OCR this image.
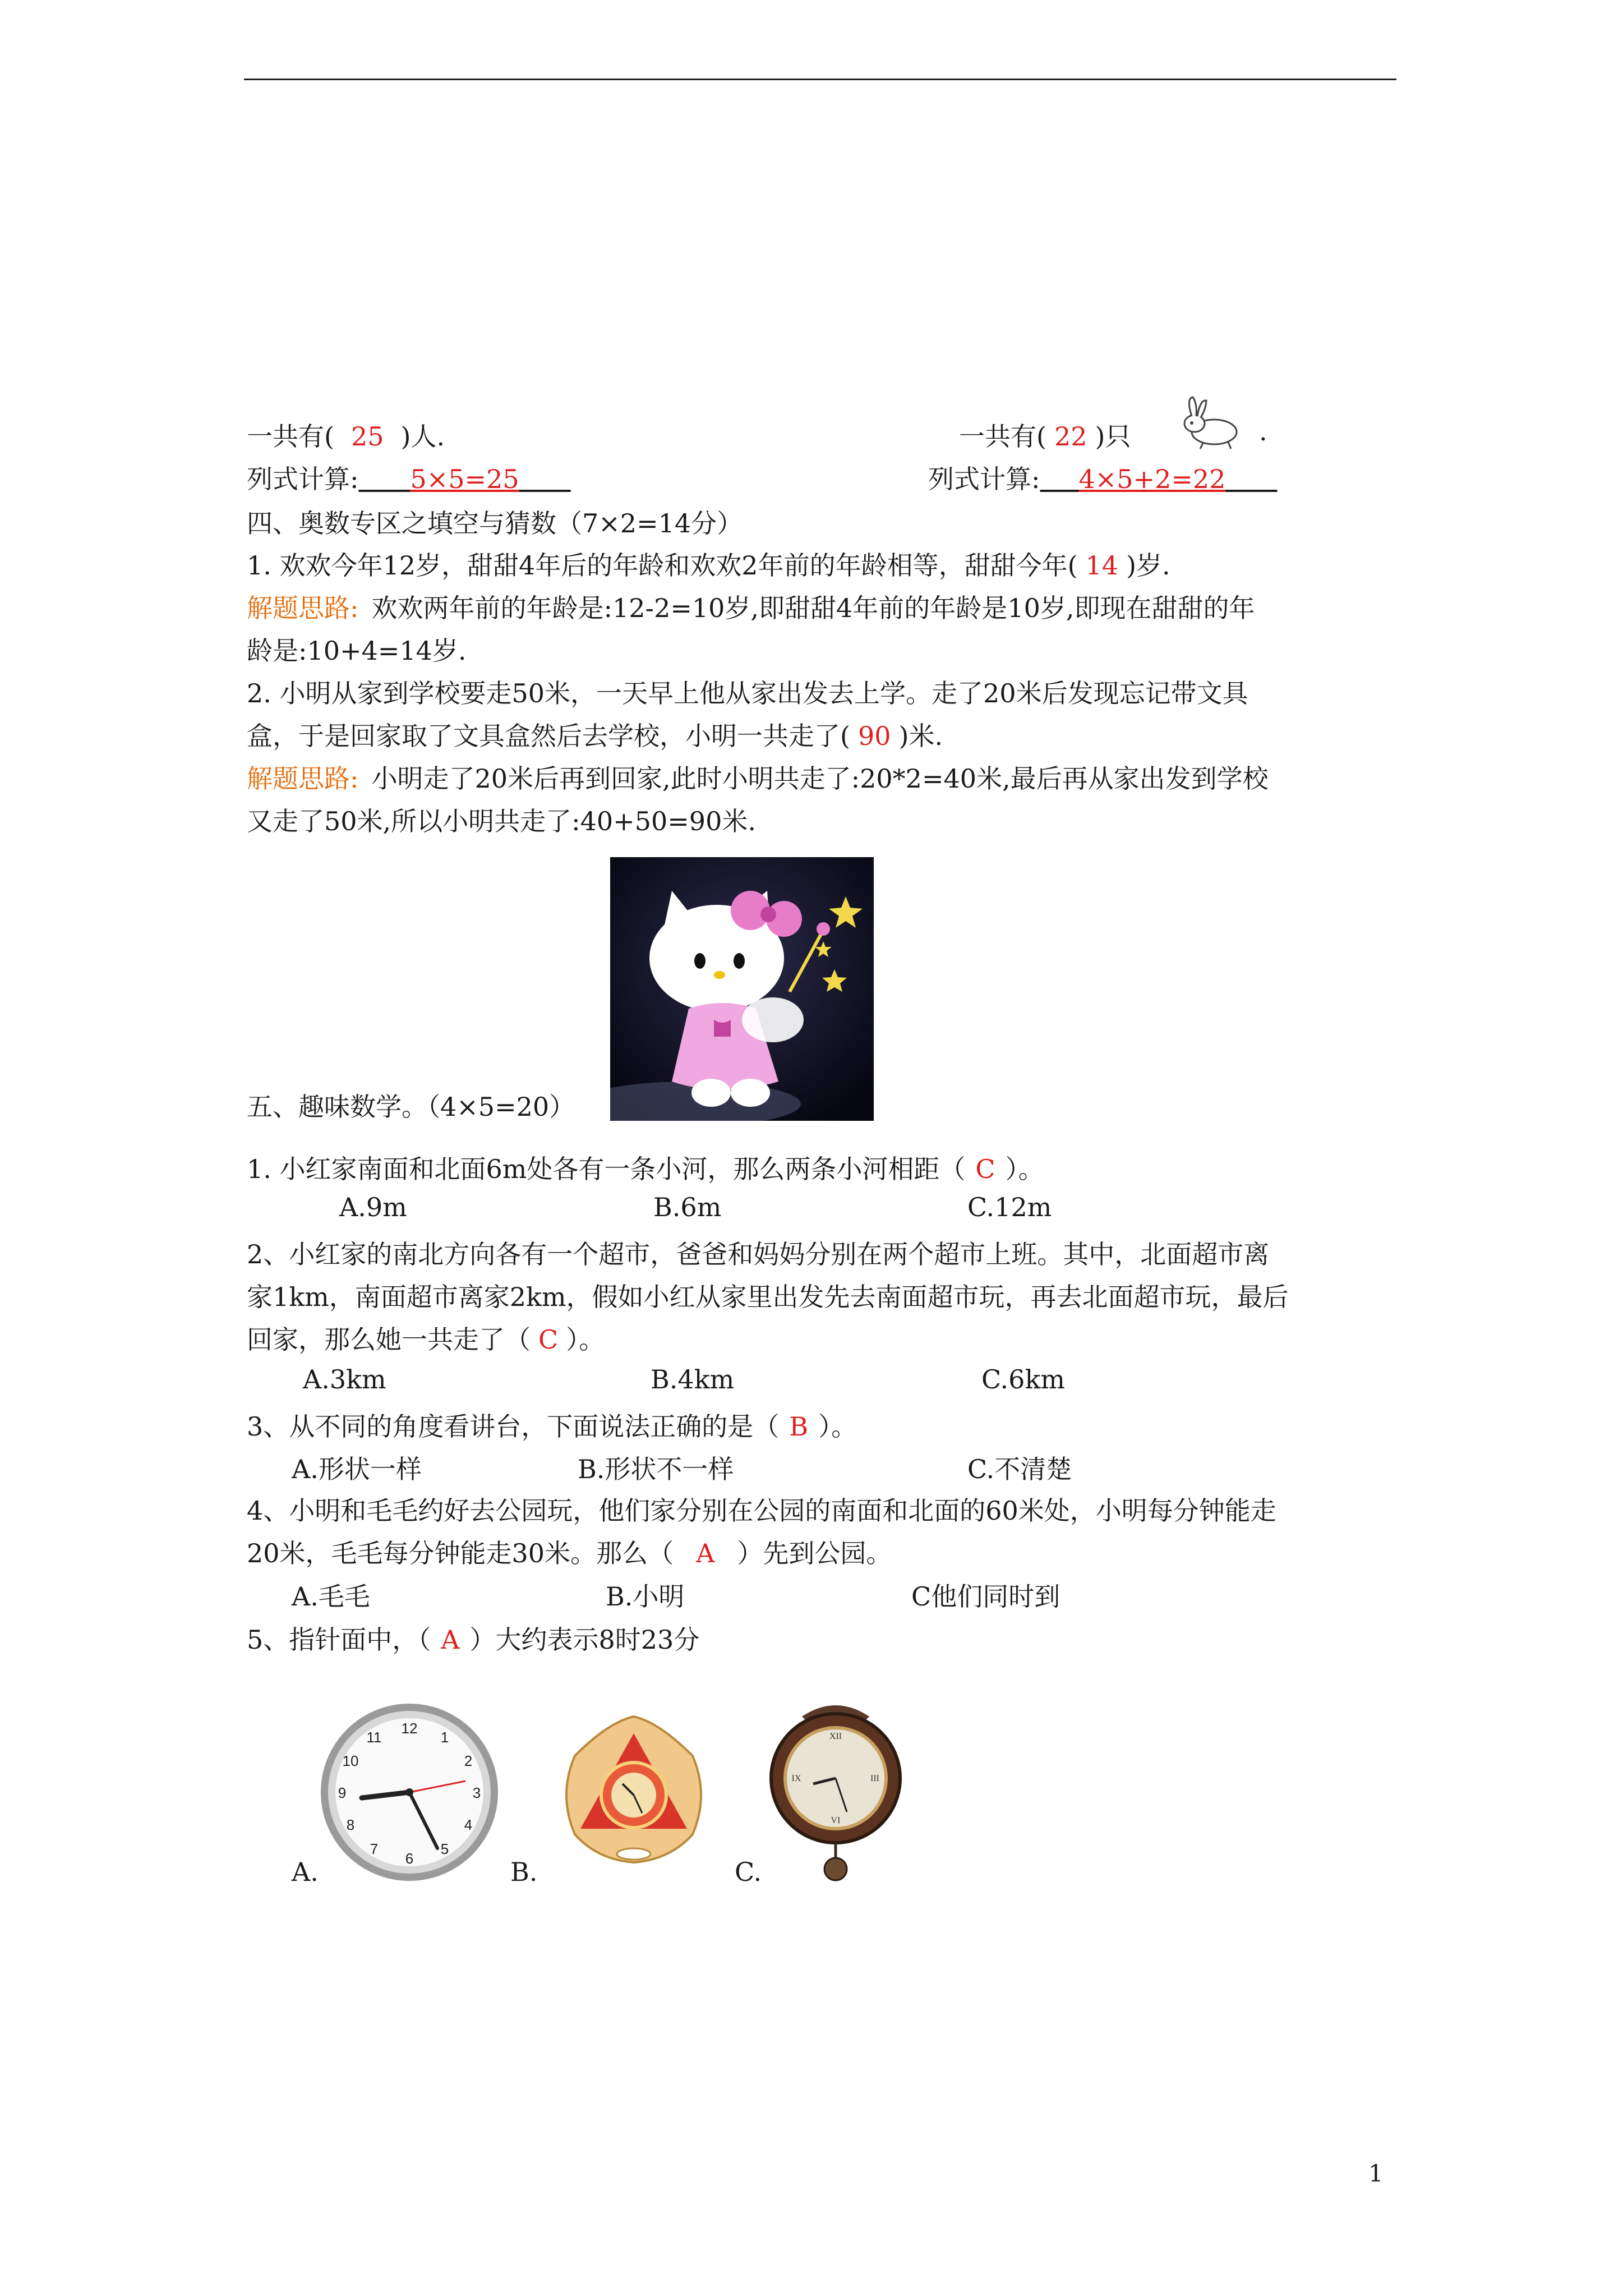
一共有( 25 )人.
列式计算:     5×5=25    
一共有( 22 )只	.
列式计算:    4×5+2=22    
四、奥数专区之填空与猜数（7×2=14分）
1. 欢欢今年12岁，甜甜4年后的年龄和欢欢2年前的年龄相等，甜甜今年( 14 )岁.
解题思路:  欢欢两年前的年龄是:12-2=10岁,即甜甜4年前的年龄是10岁,即现在甜甜的年
龄是:10+4=14岁.
2. 小明从家到学校要走50米，一天早上他从家出发去上学。走了20米后发现忘记带文具
盒，于是回家取了文具盒然后去学校，小明一共走了( 90 )米.
解题思路:  小明走了20米后再到回家,此时小明共走了:20*2=40米,最后再从家出发到学校
又走了50米,所以小明共走了:40+50=90米.
五、趣味数学。（4×5=20）
1. 小红家南面和北面6m处各有一条小河，那么两条小河相距（ C ）。
A.9m	B.6m	C.12m
2、小红家的南北方向各有一个超市，爸爸和妈妈分别在两个超市上班。其中，北面超市离
家1km，南面超市离家2km，假如小红从家里出发先去南面超市玩，再去北面超市玩，最后
回家，那么她一共走了（ C ）。
A.3km	B.4km	C.6km
3、从不同的角度看讲台，下面说法正确的是（ B ）。
A.形状一样	B.形状不一样	C.不清楚
4、小明和毛毛约好去公园玩，他们家分别在公园的南面和北面的60米处，小明每分钟能走
20米，毛毛每分钟能走30米。那么（ A ）先到公园。
A.毛毛	B.小明	C他们同时到
5、指针面中，（ A ）大约表示8时23分
12
1
2
3
4
5
6
7
8
9
10
11
A.	B.
XII
III
VI
IX
C.
1
